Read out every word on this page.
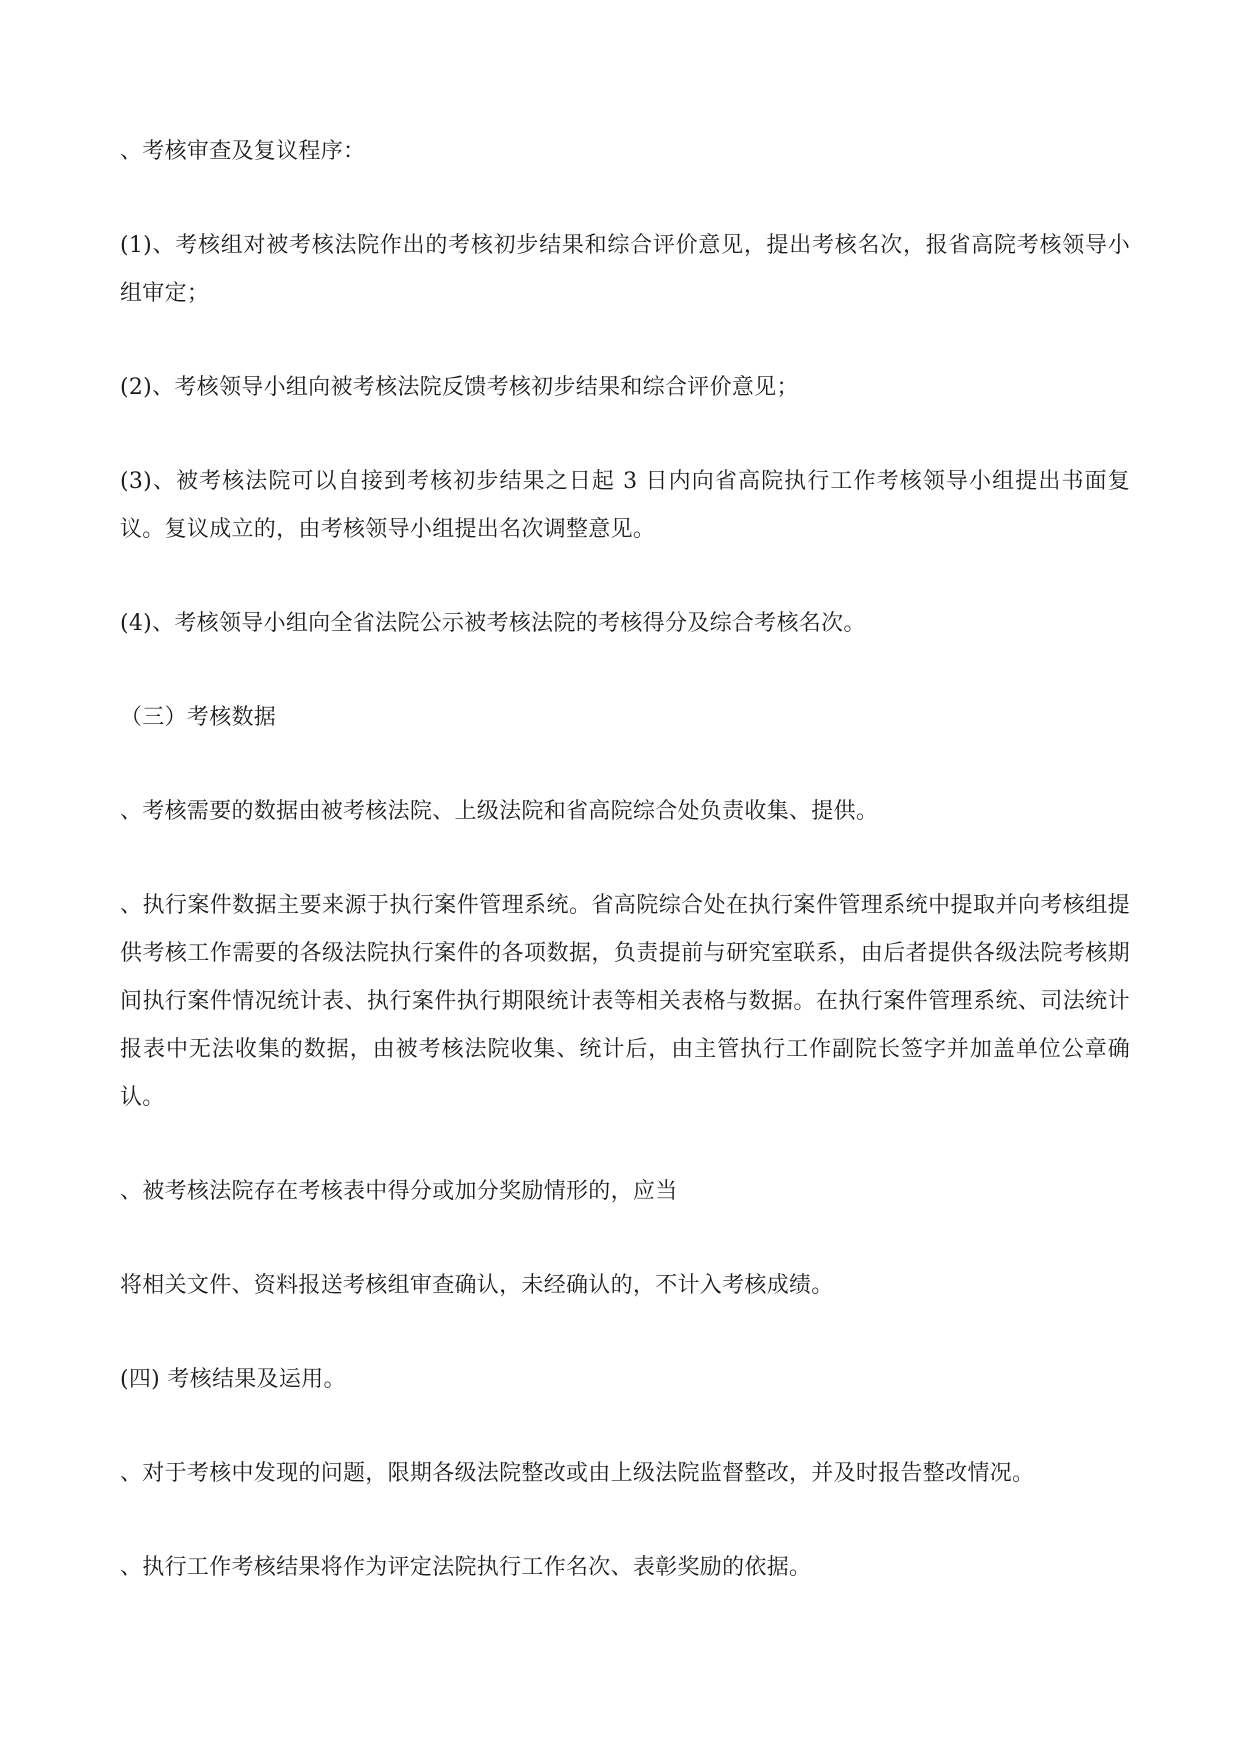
、考核审查及复议程序：

(1)、考核组对被考核法院作出的考核初步结果和综合评价意见，提出考核名次，报省高院考核领导小组审定；

(2)、考核领导小组向被考核法院反馈考核初步结果和综合评价意见；

(3)、被考核法院可以自接到考核初步结果之日起 3 日内向省高院执行工作考核领导小组提出书面复议。复议成立的，由考核领导小组提出名次调整意见。

(4)、考核领导小组向全省法院公示被考核法院的考核得分及综合考核名次。

（三）考核数据

、考核需要的数据由被考核法院、上级法院和省高院综合处负责收集、提供。

、执行案件数据主要来源于执行案件管理系统。省高院综合处在执行案件管理系统中提取并向考核组提供考核工作需要的各级法院执行案件的各项数据，负责提前与研究室联系，由后者提供各级法院考核期间执行案件情况统计表、执行案件执行期限统计表等相关表格与数据。在执行案件管理系统、司法统计报表中无法收集的数据，由被考核法院收集、统计后，由主管执行工作副院长签字并加盖单位公章确认。

、被考核法院存在考核表中得分或加分奖励情形的，应当

将相关文件、资料报送考核组审查确认，未经确认的，不计入考核成绩。

(四) 考核结果及运用。

、对于考核中发现的问题，限期各级法院整改或由上级法院监督整改，并及时报告整改情况。

、执行工作考核结果将作为评定法院执行工作名次、表彰奖励的依据。
